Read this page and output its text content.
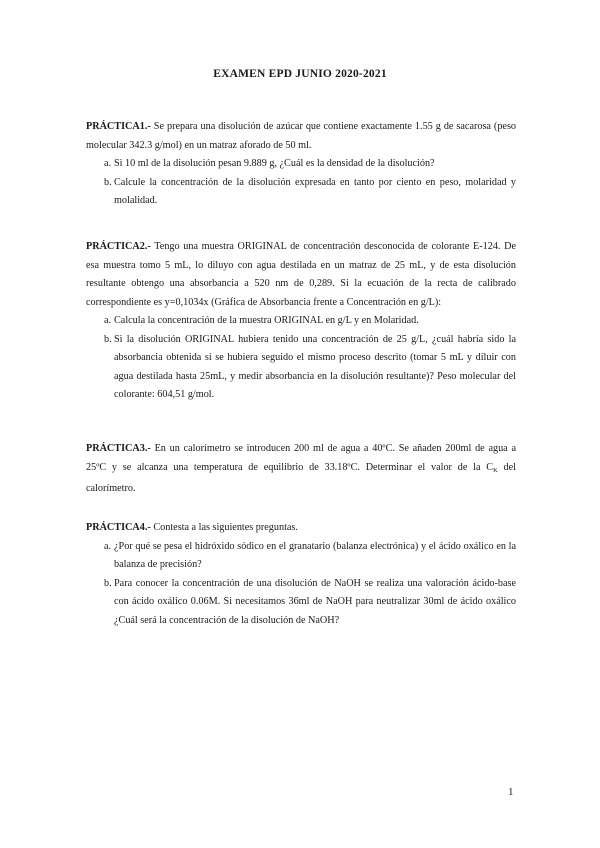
EXAMEN EPD JUNIO 2020-2021

PRÁCTICA1.- Se prepara una disolución de azúcar que contiene exactamente 1.55 g de sacarosa (peso molecular 342.3 g/mol) en un matraz aforado de 50 ml.

a. Si 10 ml de la disolución pesan 9.889 g, ¿Cuál es la densidad de la disolución?
b. Calcule la concentración de la disolución expresada en tanto por ciento en peso, molaridad y molalidad.

PRÁCTICA2.- Tengo una muestra ORIGINAL de concentración desconocida de colorante E-124. De esa muestra tomo 5 mL, lo diluyo con agua destilada en un matraz de 25 mL, y de esta disolución resultante obtengo una absorbancia a 520 nm de 0,289. Si la ecuación de la recta de calibrado correspondiente es y=0,1034x (Gráfica de Absorbancia frente a Concentración en g/L):

a. Calcula la concentración de la muestra ORIGINAL en g/L y en Molaridad.
b. Si la disolución ORIGINAL hubiera tenido una concentración de 25 g/L, ¿cuál habría sido la absorbancia obtenida si se hubiera seguido el mismo proceso descrito (tomar 5 mL y diluir con agua destilada hasta 25mL, y medir absorbancia en la disolución resultante)? Peso molecular del colorante: 604,51 g/mol.

PRÁCTICA3.- En un calorímetro se introducen 200 ml de agua a 40ºC. Se añaden 200ml de agua a 25ºC y se alcanza una temperatura de equilibrio de 33.18ºC. Determinar el valor de la $C_K$ del calorímetro.

PRÁCTICA4.- Contesta a las siguientes preguntas.

a. ¿Por qué se pesa el hidróxido sódico en el granatario (balanza electrónica) y el ácido oxálico en la balanza de precisión?
b. Para conocer la concentración de una disolución de NaOH se realiza una valoración ácido-base con ácido oxálico 0.06M. Si necesitamos 36ml de NaOH para neutralizar 30ml de ácido oxálico ¿Cuál será la concentración de la disolución de NaOH?
1
